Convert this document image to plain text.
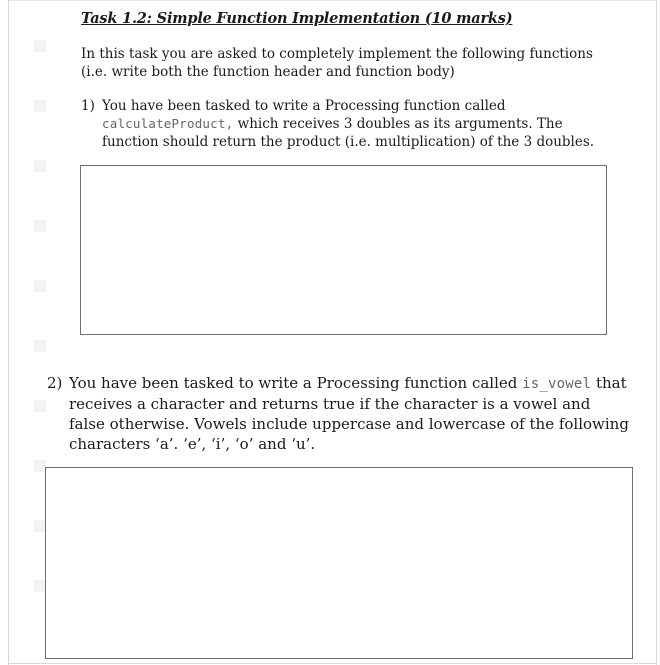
Task 1.2: Simple Function Implementation (10 marks)
In this task you are asked to completely implement the following functions (i.e. write both the function header and function body)
1) You have been tasked to write a Processing function called calculateProduct, which receives 3 doubles as its arguments. The function should return the product (i.e. multiplication) of the 3 doubles.
2) You have been tasked to write a Processing function called is_vowel that receives a character and returns true if the character is a vowel and false otherwise. Vowels include uppercase and lowercase of the following characters ‘a’. ‘e’, ‘i’, ‘o’ and ‘u’.
